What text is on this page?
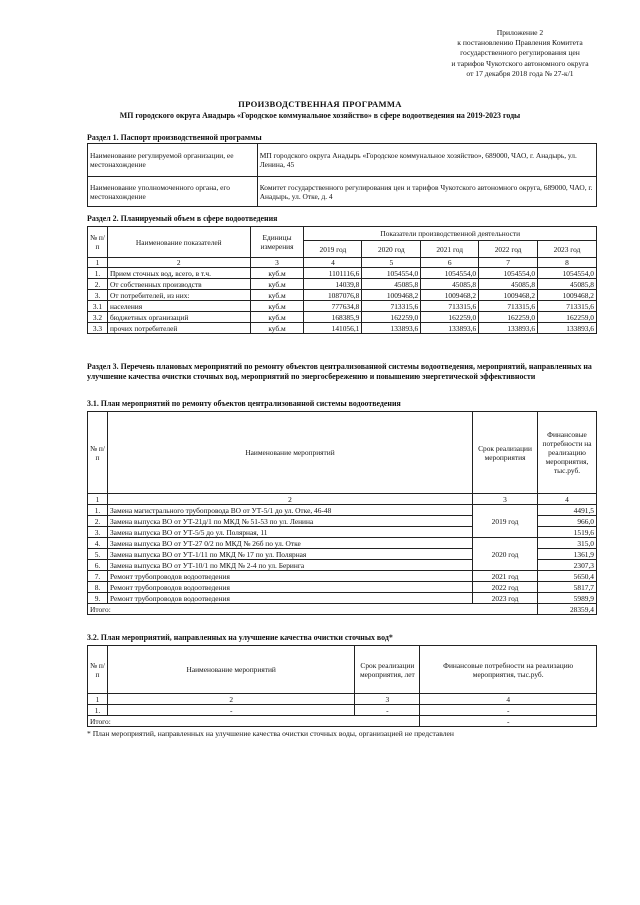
Приложение 2
к постановлению Правления Комитета
государственного регулирования цен
и тарифов Чукотского автономного округа
от 17 декабря 2018 года № 27-к/1
ПРОИЗВОДСТВЕННАЯ ПРОГРАММА
МП городского округа Анадырь «Городское коммунальное хозяйство» в сфере водоотведения на 2019-2023 годы
Раздел 1. Паспорт производственной программы
Наименование регулируемой организации, ее местонахождение	МП городского округа Анадырь «Городское коммунальное хозяйство», 689000, ЧАО, г. Анадырь, ул. Ленина, 45
Наименование уполномоченного органа, его местонахождение	Комитет государственного регулирования цен и тарифов Чукотского автономного округа, 689000, ЧАО, г. Анадырь, ул. Отке, д. 4
Раздел 2. Планируемый объем в сфере водоотведения
№ п/п	Наименование показателей	Единицы измерения	Показатели производственной деятельности				
			2019 год	2020 год	2021 год	2022 год	2023 год
1	2	3	4	5	6	7	8
1.	Прием сточных вод, всего, в т.ч.	куб.м	1101116,6	1054554,0	1054554,0	1054554,0	1054554,0
2.	От собственных производств	куб.м	14039,8	45085,8	45085,8	45085,8	45085,8
3.	От потребителей, из них:	куб.м	1087076,8	1009468,2	1009468,2	1009468,2	1009468,2
3.1	населения	куб.м	777634,8	713315,6	713315,6	713315,6	713315,6
3.2	бюджетных организаций	куб.м	168385,9	162259,0	162259,0	162259,0	162259,0
3.3	прочих потребителей	куб.м	141056,1	133893,6	133893,6	133893,6	133893,6
Раздел 3. Перечень плановых мероприятий по ремонту объектов централизованной системы водоотведения, мероприятий, направленных на улучшение качества очистки сточных вод, мероприятий по энергосбережению и повышению энергетической эффективности
3.1. План мероприятий по ремонту объектов централизованной системы водоотведения
№ п/п	Наименование мероприятий	Срок реализации мероприятия	Финансовые потребности на реализацию мероприятия, тыс.руб.
1	2	3	4
1.	Замена магистрального трубопровода ВО от УТ-5/1 до ул. Отке, 46-48	2019 год	4491,5
2.	Замена выпуска ВО от УТ-21д/1 по МКД № 51-53 по ул. Ленина		966,0
3.	Замена выпуска ВО от УТ-5/5 до ул. Полярная, 11		1519,6
4.	Замена выпуска ВО от УТ-27 0/2 по МКД № 26б по ул. Отке	2020 год	315,0
5.	Замена выпуска ВО от УТ-1/11 по МКД № 17 по ул. Полярная		1361,9
6.	Замена выпуска ВО от УТ-10/1 по МКД № 2-4 по ул. Беринга		2307,3
7.	Ремонт трубопроводов водоотведения	2021 год	5650,4
8.	Ремонт трубопроводов водоотведения	2022 год	5817,7
9.	Ремонт трубопроводов водоотведения	2023 год	5989,9
Итого:			28359,4
3.2. План мероприятий, направленных на улучшение качества очистки сточных вод*
№ п/п	Наименование мероприятий	Срок реализации мероприятия, лет	Финансовые потребности на реализацию мероприятия, тыс.руб.
1	2	3	4
1.	-	-	-
Итого:			-
* План мероприятий, направленных на улучшение качества очистки сточных воды, организацией не представлен
